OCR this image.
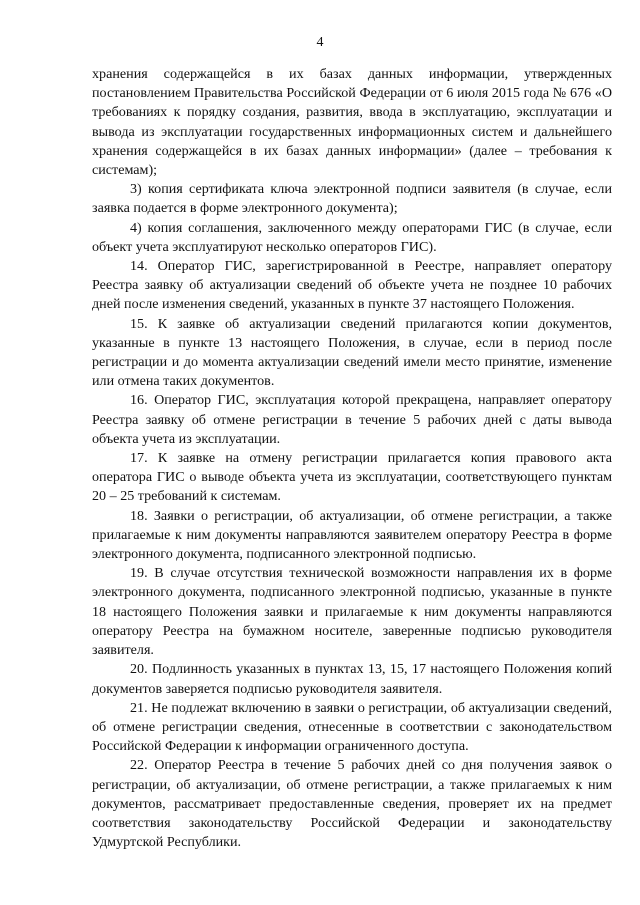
4

хранения содержащейся в их базах данных информации, утвержденных постановлением Правительства Российской Федерации от 6 июля 2015 года № 676 «О требованиях к порядку создания, развития, ввода в эксплуатацию, эксплуатации и вывода из эксплуатации государственных информационных систем и дальнейшего хранения содержащейся в их базах данных информации» (далее – требования к системам);

3) копия сертификата ключа электронной подписи заявителя (в случае, если заявка подается в форме электронного документа);

4) копия соглашения, заключенного между операторами ГИС (в случае, если объект учета эксплуатируют несколько операторов ГИС).

14. Оператор ГИС, зарегистрированной в Реестре, направляет оператору Реестра заявку об актуализации сведений об объекте учета не позднее 10 рабочих дней после изменения сведений, указанных в пункте 37 настоящего Положения.

15. К заявке об актуализации сведений прилагаются копии документов, указанные в пункте 13 настоящего Положения, в случае, если в период после регистрации и до момента актуализации сведений имели место принятие, изменение или отмена таких документов.

16. Оператор ГИС, эксплуатация которой прекращена, направляет оператору Реестра заявку об отмене регистрации в течение 5 рабочих дней с даты вывода объекта учета из эксплуатации.

17. К заявке на отмену регистрации прилагается копия правового акта оператора ГИС о выводе объекта учета из эксплуатации, соответствующего пунктам 20 – 25 требований к системам.

18. Заявки о регистрации, об актуализации, об отмене регистрации, а также прилагаемые к ним документы направляются заявителем оператору Реестра в форме электронного документа, подписанного электронной подписью.

19. В случае отсутствия технической возможности направления их в форме электронного документа, подписанного электронной подписью, указанные в пункте 18 настоящего Положения заявки и прилагаемые к ним документы направляются оператору Реестра на бумажном носителе, заверенные подписью руководителя заявителя.

20. Подлинность указанных в пунктах 13, 15, 17 настоящего Положения копий документов заверяется подписью руководителя заявителя.

21. Не подлежат включению в заявки о регистрации, об актуализации сведений, об отмене регистрации сведения, отнесенные в соответствии с законодательством Российской Федерации к информации ограниченного доступа.

22. Оператор Реестра в течение 5 рабочих дней со дня получения заявок о регистрации, об актуализации, об отмене регистрации, а также прилагаемых к ним документов, рассматривает предоставленные сведения, проверяет их на предмет соответствия законодательству Российской Федерации и законодательству Удмуртской Республики.
